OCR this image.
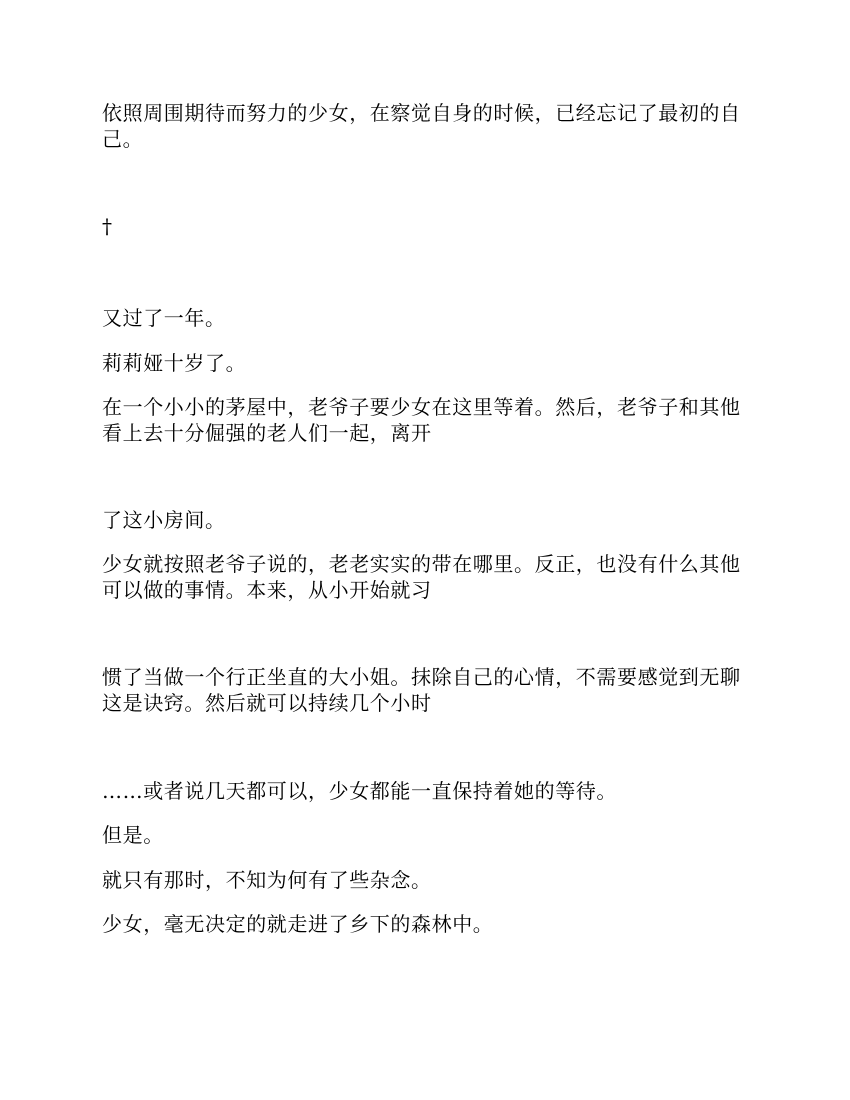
依照周围期待而努力的少女，在察觉自身的时候，已经忘记了最初的自
己。
†
又过了一年。
莉莉娅十岁了。
在一个小小的茅屋中，老爷子要少女在这里等着。然后，老爷子和其他
看上去十分倔强的老人们一起，离开
了这小房间。
少女就按照老爷子说的，老老实实的带在哪里。反正，也没有什么其他
可以做的事情。本来，从小开始就习
惯了当做一个行正坐直的大小姐。抹除自己的心情，不需要感觉到无聊
这是诀窍。然后就可以持续几个小时
……或者说几天都可以，少女都能一直保持着她的等待。
但是。
就只有那时，不知为何有了些杂念。
少女，毫无决定的就走进了乡下的森林中。
